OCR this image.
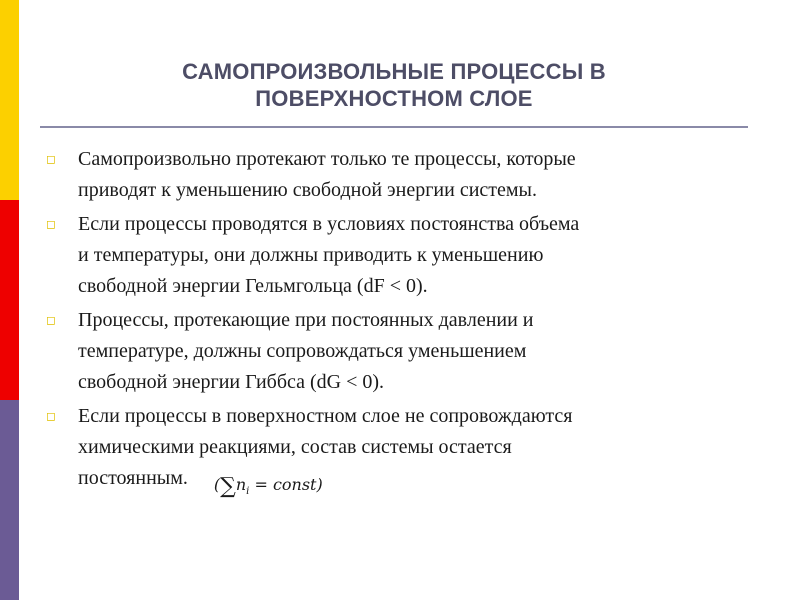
САМОПРОИЗВОЛЬНЫЕ ПРОЦЕССЫ В
ПОВЕРХНОСТНОМ СЛОЕ
◻ Самопроизвольно протекают только те процессы, которые
приводят к уменьшению свободной энергии системы.
◻ Если процессы проводятся в условиях постоянства объема
и температуры, они должны приводить к уменьшению
свободной энергии Гельмгольца (dF < 0).
◻ Процессы, протекающие при постоянных давлении и
температуре, должны сопровождаться уменьшением
свободной энергии Гиббса (dG < 0).
◻ Если процессы в поверхностном слое не сопровождаются
химическими реакциями, состав системы остается
постоянным. ($\sum n_i$ = const)
